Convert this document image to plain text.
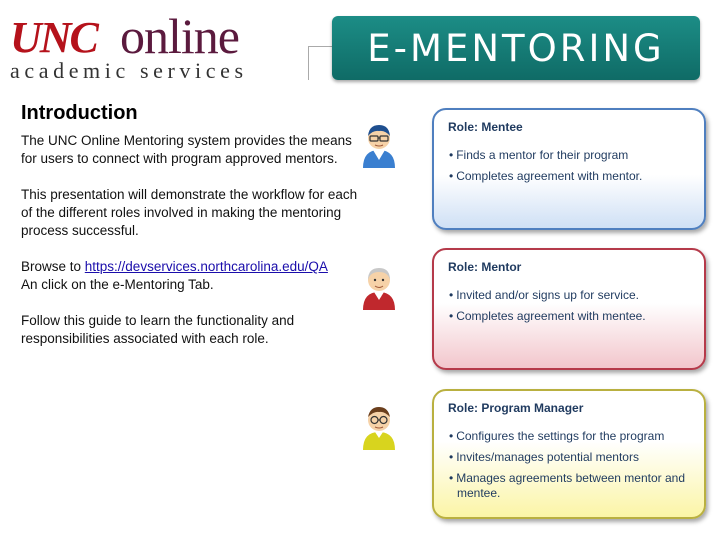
UNC online
academic services
E-MENTORING
Introduction

The UNC Online Mentoring system provides the means for users to connect with program approved mentors.

This presentation will demonstrate the workflow for each of the different roles involved in making the mentoring process successful.

Browse to https://devservices.northcarolina.edu/QA
An click on the e-Mentoring Tab.

Follow this guide to learn the functionality and responsibilities associated with each role.

Role: Mentee
• Finds a mentor for their program
• Completes agreement with mentor.
Role: Mentor
• Invited and/or signs up for service.
• Completes agreement with mentee.
Role: Program Manager
• Configures the settings for the program
• Invites/manages potential mentors
• Manages agreements between mentor and mentee.
